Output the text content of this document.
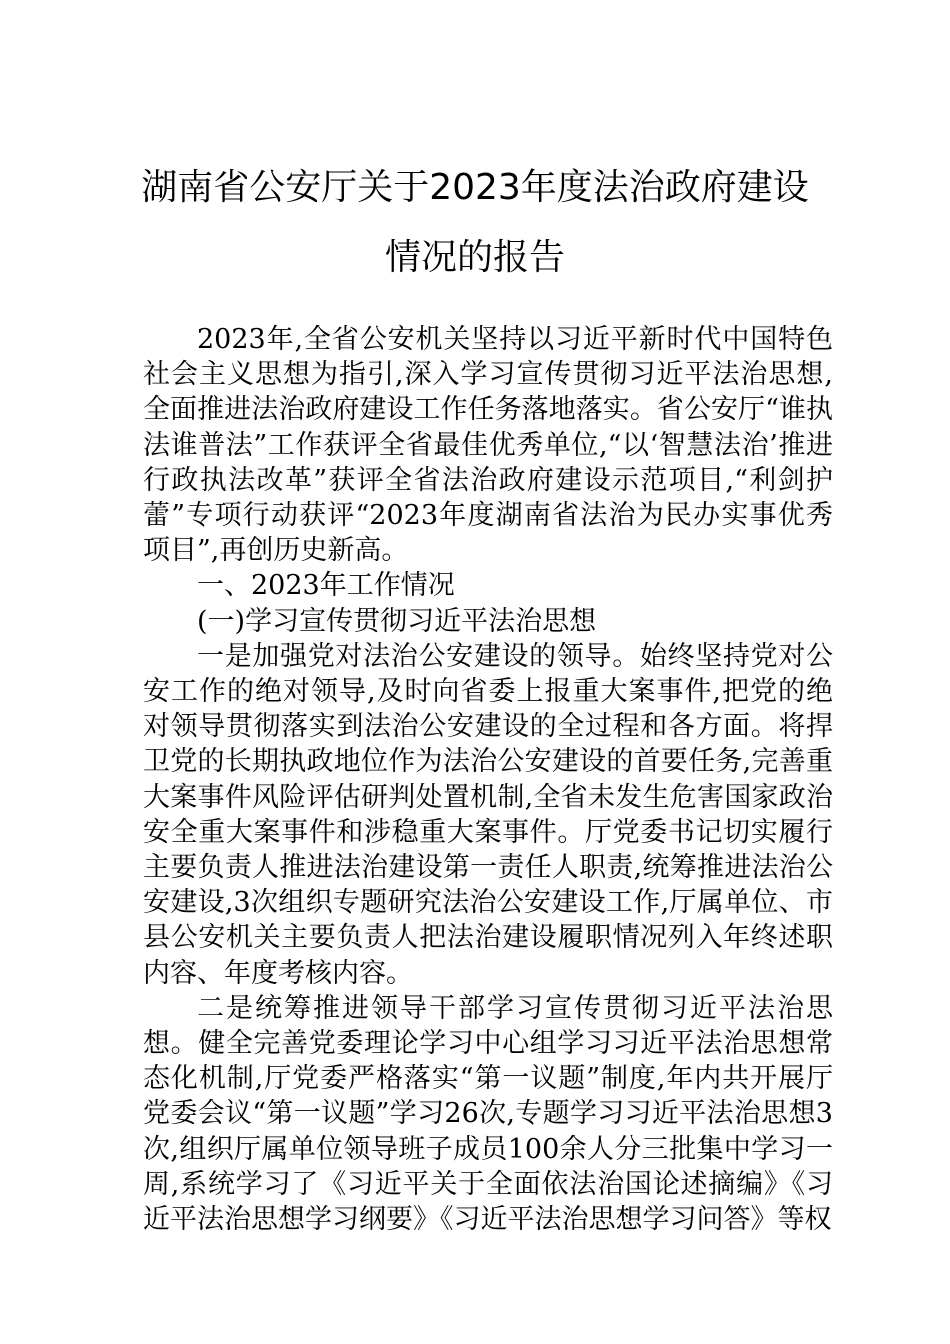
湖南省公安厅关于2023年度法治政府建设
情况的报告

2023年,全省公安机关坚持以习近平新时代中国特色社会主义思想为指引,深入学习宣传贯彻习近平法治思想,全面推进法治政府建设工作任务落地落实。省公安厅“谁执法谁普法”工作获评全省最佳优秀单位,“以‘智慧法治’推进行政执法改革”获评全省法治政府建设示范项目,“利剑护蕾”专项行动获评“2023年度湖南省法治为民办实事优秀项目”,再创历史新高。

一、2023年工作情况

(一)学习宣传贯彻习近平法治思想

一是加强党对法治公安建设的领导。始终坚持党对公安工作的绝对领导,及时向省委上报重大案事件,把党的绝对领导贯彻落实到法治公安建设的全过程和各方面。将捍卫党的长期执政地位作为法治公安建设的首要任务,完善重大案事件风险评估研判处置机制,全省未发生危害国家政治安全重大案事件和涉稳重大案事件。厅党委书记切实履行主要负责人推进法治建设第一责任人职责,统筹推进法治公安建设,3次组织专题研究法治公安建设工作,厅属单位、市县公安机关主要负责人把法治建设履职情况列入年终述职内容、年度考核内容。

二是统筹推进领导干部学习宣传贯彻习近平法治思想。健全完善党委理论学习中心组学习习近平法治思想常态化机制,厅党委严格落实“第一议题”制度,年内共开展厅党委会议“第一议题”学习26次,专题学习习近平法治思想3次,组织厅属单位领导班子成员100余人分三批集中学习一周,系统学习了《习近平关于全面依法治国论述摘编》《习近平法治思想学习纲要》《习近平法治思想学习问答》等权
